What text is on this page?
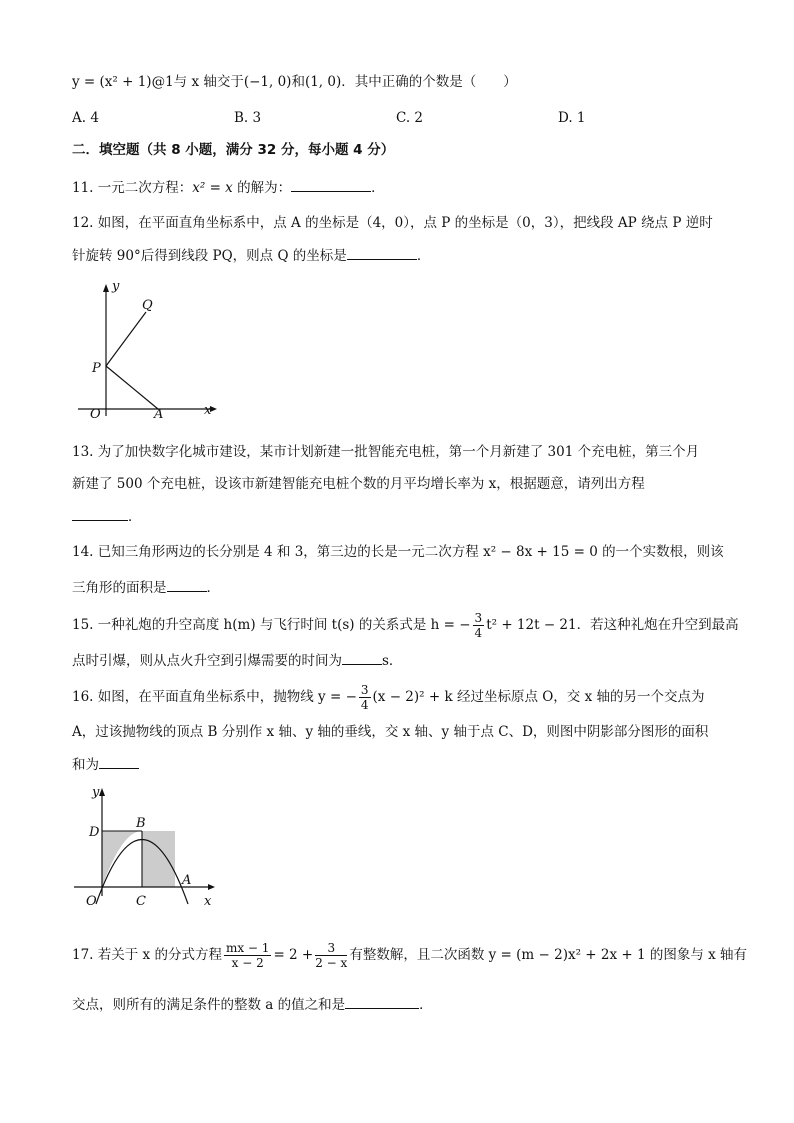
y = (x² + 1)@1与 x 轴交于(−1, 0)和(1, 0)．其中正确的个数是（　　）
A. 4	B. 3	C. 2	D. 1
二．填空题（共 8 小题，满分 32 分，每小题 4 分）
11. 一元二次方程：x² = x 的解为：	．
12. 如图，在平面直角坐标系中，点 A 的坐标是（4，0），点 P 的坐标是（0，3），把线段 AP 绕点 P 逆时
针旋转 90°后得到线段 PQ，则点 Q 的坐标是	．
y
Q
P
O	A	x
13. 为了加快数字化城市建设，某市计划新建一批智能充电桩，第一个月新建了 301 个充电桩，第三个月
新建了 500 个充电桩，设该市新建智能充电桩个数的月平均增长率为 x，根据题意，请列出方程
．
14. 已知三角形两边的长分别是 4 和 3，第三边的长是一元二次方程 x² − 8x + 15 = 0 的一个实数根，则该
三角形的面积是	．
15. 一种礼炮的升空高度 h(m) 与飞行时间 t(s) 的关系式是 h = − $\frac{3}{4} t^2 + 12t - 21$．若这种礼炮在升空到最高
点时引爆，则从点火升空到引爆需要的时间为	s．
16. 如图，在平面直角坐标系中，抛物线 y = − $\frac{3}{4} (x - 2)^2 + k$ 经过坐标原点 O，交 x 轴的另一个交点为
A，过该抛物线的顶点 B 分别作 x 轴、y 轴的垂线，交 x 轴、y 轴于点 C、D，则图中阴影部分图形的面积
和为
y
D
B
A
O	C	x
17. 若关于 x 的分式方程 $\frac{mx - 1}{x - 2} = 2 + \frac{3}{2 - x}$ 有整数解，且二次函数 y = (m − 2)x² + 2x + 1 的图象与 x 轴有
交点，则所有的满足条件的整数 a 的值之和是	．
